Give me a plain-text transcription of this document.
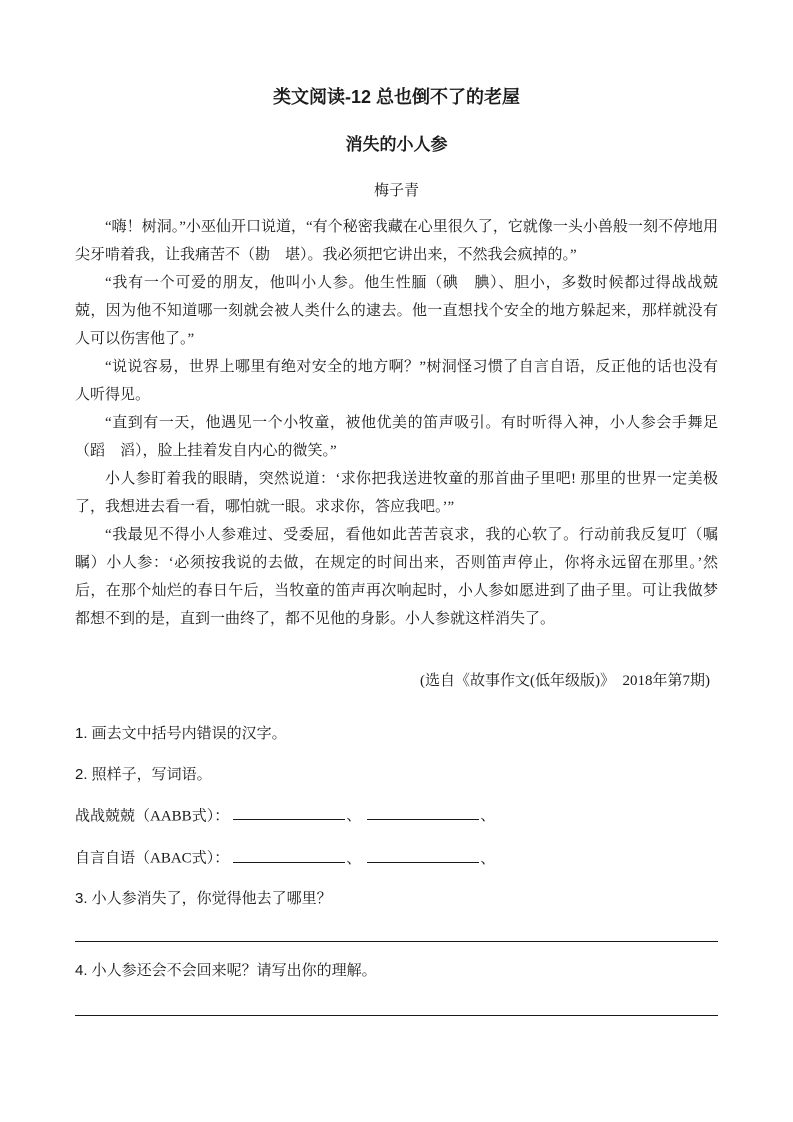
类文阅读-12 总也倒不了的老屋
消失的小人参
梅子青

“嗨！树洞。”小巫仙开口说道，“有个秘密我藏在心里很久了，它就像一头小兽般一刻不停地用尖牙啃着我，让我痛苦不（勘　堪）。我必须把它讲出来，不然我会疯掉的。”

“我有一个可爱的朋友，他叫小人参。他生性腼（碘　腆）、胆小，多数时候都过得战战兢兢，因为他不知道哪一刻就会被人类什么的逮去。他一直想找个安全的地方躲起来，那样就没有人可以伤害他了。”

“说说容易，世界上哪里有绝对安全的地方啊？”树洞怪习惯了自言自语，反正他的话也没有人听得见。

“直到有一天，他遇见一个小牧童，被他优美的笛声吸引。有时听得入神，小人参会手舞足（蹈　滔），脸上挂着发自内心的微笑。”

小人参盯着我的眼睛，突然说道：‘求你把我送进牧童的那首曲子里吧! 那里的世界一定美极了，我想进去看一看，哪怕就一眼。求求你，答应我吧。’”

“我最见不得小人参难过、受委屈，看他如此苦苦哀求，我的心软了。行动前我反复叮（嘱　瞩）小人参：‘必须按我说的去做，在规定的时间出来，否则笛声停止，你将永远留在那里。’然后，在那个灿烂的春日午后，当牧童的笛声再次响起时，小人参如愿进到了曲子里。可让我做梦都想不到的是，直到一曲终了，都不见他的身影。小人参就这样消失了。

(选自《故事作文(低年级版)》　2018年第7期)
1. 画去文中括号内错误的汉字。
2. 照样子，写词语。
战战兢兢（AABB式）：	、	、
自言自语（ABAC式）：	、	、
3. 小人参消失了，你觉得他去了哪里？
4. 小人参还会不会回来呢？请写出你的理解。
